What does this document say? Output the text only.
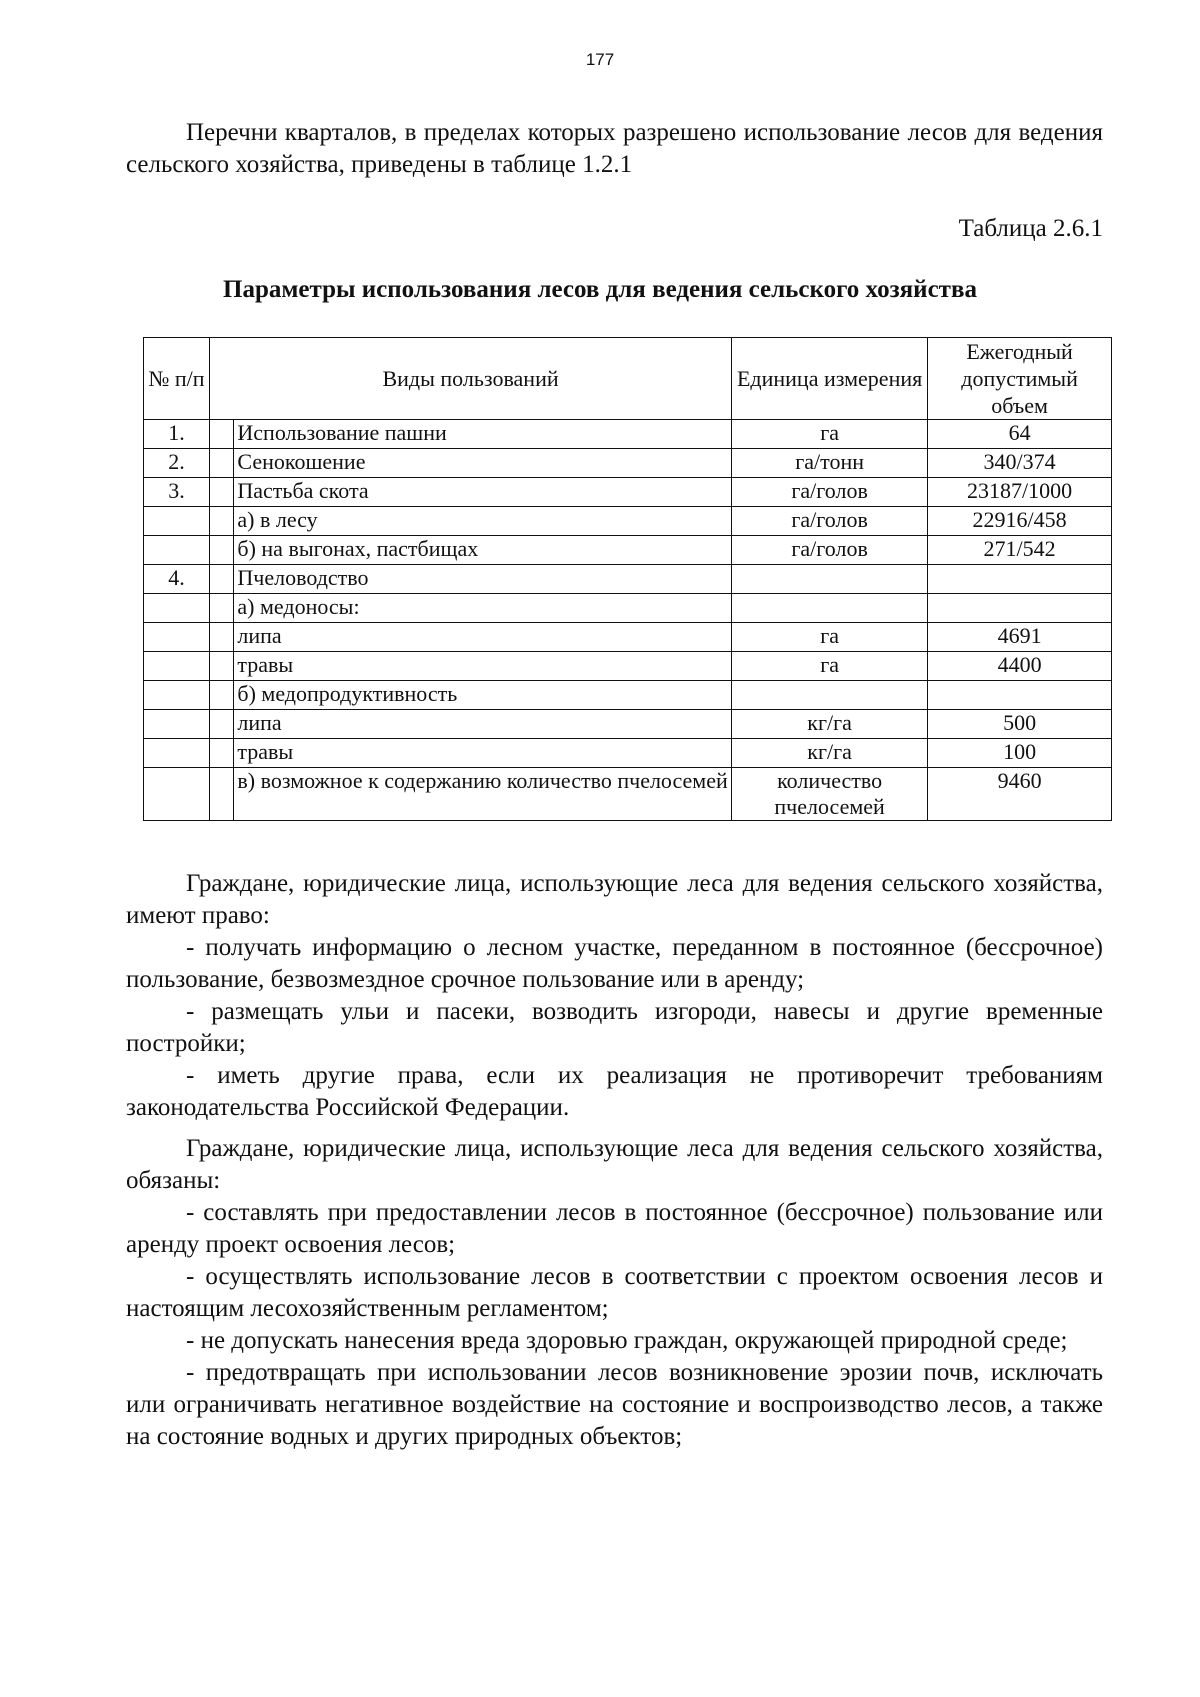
177
Перечни кварталов, в пределах которых разрешено использование лесов для ведения сельского хозяйства, приведены в таблице 1.2.1
Таблица 2.6.1
Параметры использования лесов для ведения сельского хозяйства
№ п/п	Виды пользований		Единица измерения	Ежегодный допустимый объем
1.		Использование пашни	га	64
2.		Сенокошение	га/тонн	340/374
3.		Пастьба скота	га/голов	23187/1000
		а) в лесу	га/голов	22916/458
		б) на выгонах, пастбищах	га/голов	271/542
4.		Пчеловодство		
		а) медоносы:		
		липа	га	4691
		травы	га	4400
		б) медопродуктивность		
		липа	кг/га	500
		травы	кг/га	100
		в) возможное к содержанию количество пчелосемей	количество пчелосемей	9460

Граждане, юридические лица, использующие леса для ведения сельского хозяйства, имеют право:

- получать информацию о лесном участке, переданном в постоянное (бессрочное) пользование, безвозмездное срочное пользование или в аренду;

- размещать ульи и пасеки, возводить изгороди, навесы и другие временные постройки;

- иметь другие права, если их реализация не противоречит требованиям законодательства Российской Федерации.

Граждане, юридические лица, использующие леса для ведения сельского хозяйства, обязаны:

- составлять при предоставлении лесов в постоянное (бессрочное) пользование или аренду проект освоения лесов;

- осуществлять использование лесов в соответствии с проектом освоения лесов и настоящим лесохозяйственным регламентом;

- не допускать нанесения вреда здоровью граждан, окружающей природной среде;

- предотвращать при использовании лесов возникновение эрозии почв, исключать или ограничивать негативное воздействие на состояние и воспроизводство лесов, а также на состояние водных и других природных объектов;
